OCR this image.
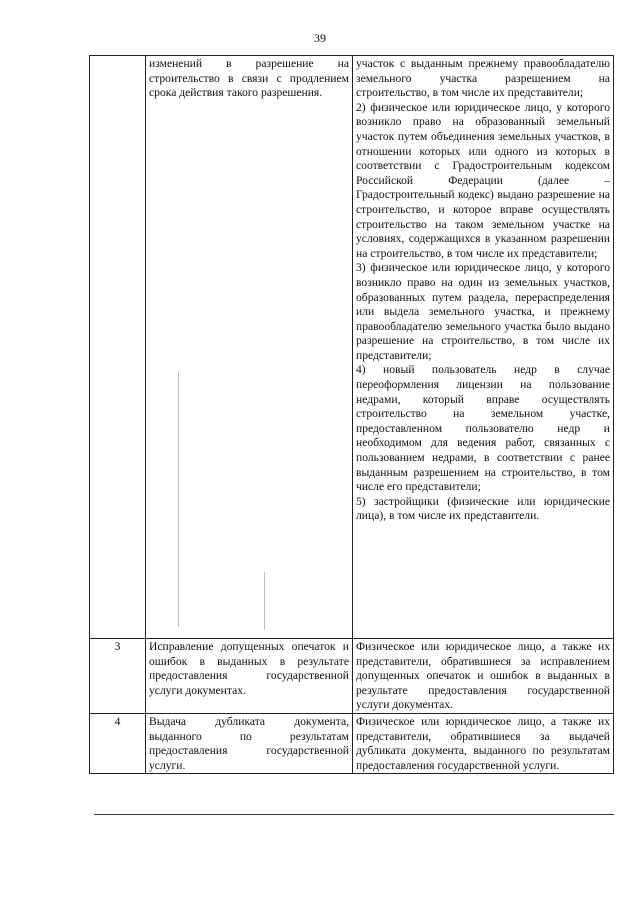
39
	изменений в разрешение на строительство в связи с продлением срока действия такого разрешения.	участок с выданным прежнему правообладателю земельного участка разрешением на строительство, в том числе их представители;

2) физическое или юридическое лицо, у которого возникло право на образованный земельный участок путем объединения земельных участков, в отношении которых или одного из которых в соответствии с Градостроительным кодексом Российской Федерации (далее – Градостроительный кодекс) выдано разрешение на строительство, и которое вправе осуществлять строительство на таком земельном участке на условиях, содержащихся в указанном разрешении на строительство, в том числе их представители;

3) физическое или юридическое лицо, у которого возникло право на один из земельных участков, образованных путем раздела, перераспределения или выдела земельного участка, и прежнему правообладателю земельного участка было выдано разрешение на строительство, в том числе их представители;

4) новый пользователь недр в случае переоформления лицензии на пользование недрами, который вправе осуществлять строительство на земельном участке, предоставленном пользователю недр и необходимом для ведения работ, связанных с пользованием недрами, в соответствии с ранее выданным разрешением на строительство, в том числе его представители;

5) застройщики (физические или юридические лица), в том числе их представители.

3	Исправление допущенных опечаток и ошибок в выданных в результате предоставления государственной услуги документах.	Физическое или юридическое лицо, а также их представители, обратившиеся за исправлением допущенных опечаток и ошибок в выданных в результате предоставления государственной услуги документах.

4	Выдача дубликата документа, выданного по результатам предоставления государственной услуги.	Физическое или юридическое лицо, а также их представители, обратившиеся за выдачей дубликата документа, выданного по результатам предоставления государственной услуги.
